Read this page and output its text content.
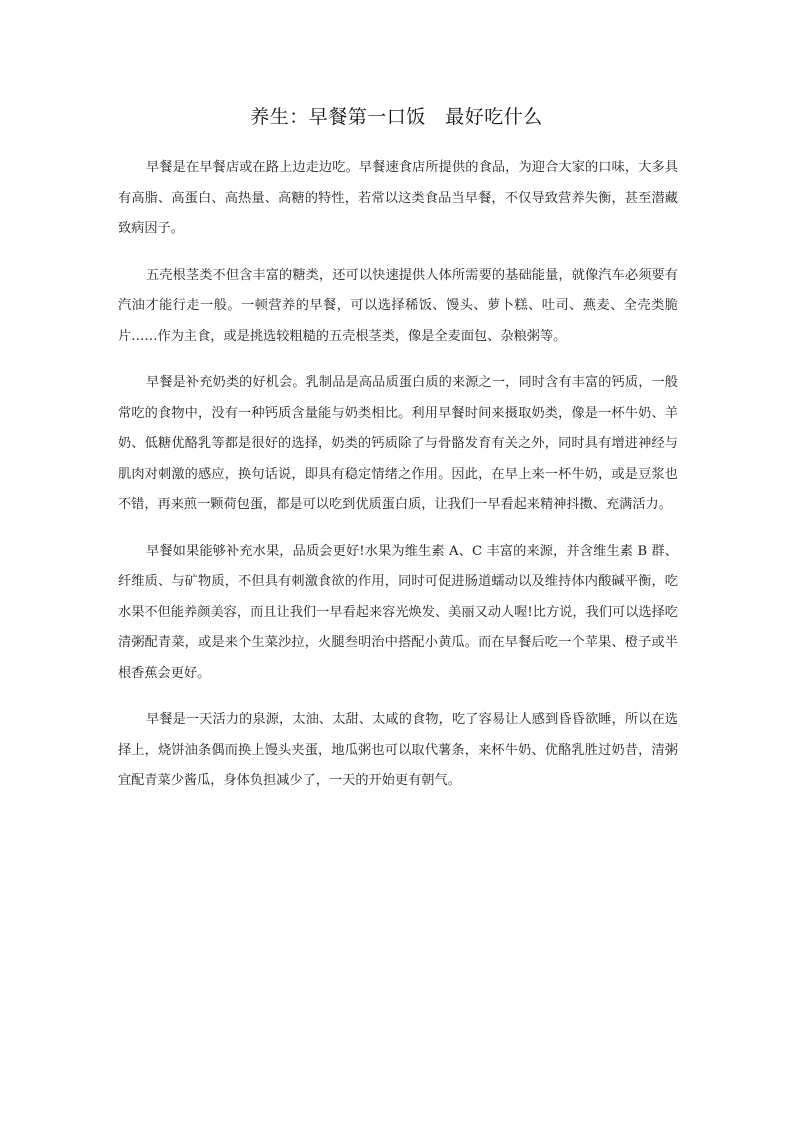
养生：早餐第一口饭　最好吃什么

早餐是在早餐店或在路上边走边吃。早餐速食店所提供的食品，为迎合大家的口味，大多具有高脂、高蛋白、高热量、高糖的特性，若常以这类食品当早餐，不仅导致营养失衡，甚至潜藏致病因子。

五壳根茎类不但含丰富的糖类，还可以快速提供人体所需要的基础能量，就像汽车必须要有汽油才能行走一般。一顿营养的早餐，可以选择稀饭、馒头、萝卜糕、吐司、燕麦、全壳类脆片……作为主食，或是挑选较粗糙的五壳根茎类，像是全麦面包、杂粮粥等。

早餐是补充奶类的好机会。乳制品是高品质蛋白质的来源之一，同时含有丰富的钙质，一般常吃的食物中，没有一种钙质含量能与奶类相比。利用早餐时间来摄取奶类，像是一杯牛奶、羊奶、低糖优酪乳等都是很好的选择，奶类的钙质除了与骨骼发育有关之外，同时具有增进神经与肌肉对刺激的感应，换句话说，即具有稳定情绪之作用。因此，在早上来一杯牛奶，或是豆浆也不错，再来煎一颗荷包蛋，都是可以吃到优质蛋白质，让我们一早看起来精神抖擞、充满活力。

早餐如果能够补充水果，品质会更好!水果为维生素 A、C 丰富的来源，并含维生素 B 群、纤维质、与矿物质，不但具有刺激食欲的作用，同时可促进肠道蠕动以及维持体内酸碱平衡，吃水果不但能养颜美容，而且让我们一早看起来容光焕发、美丽又动人喔!比方说，我们可以选择吃清粥配青菜，或是来个生菜沙拉，火腿叁明治中搭配小黄瓜。而在早餐后吃一个苹果、橙子或半根香蕉会更好。

早餐是一天活力的泉源，太油、太甜、太咸的食物，吃了容易让人感到昏昏欲睡，所以在选择上，烧饼油条偶而换上馒头夹蛋，地瓜粥也可以取代薯条，来杯牛奶、优酪乳胜过奶昔，清粥宜配青菜少酱瓜，身体负担减少了，一天的开始更有朝气。
